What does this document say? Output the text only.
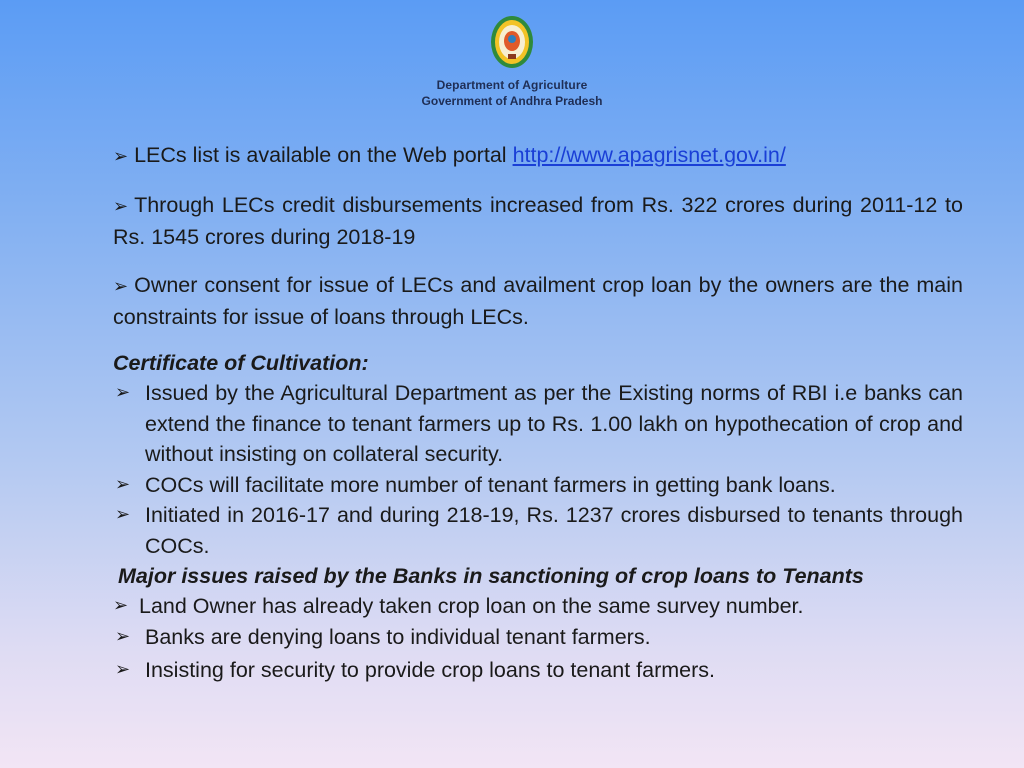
Department of Agriculture
Government of Andhra Pradesh

➢ LECs list is available on the Web portal http://www.apagrisnet.gov.in/

➢ Through LECs credit disbursements increased from Rs. 322 crores during 2011-12 to Rs. 1545 crores during 2018-19

➢ Owner consent for issue of LECs and availment crop loan by the owners are the main constraints for issue of loans through LECs.

Certificate of Cultivation:

➢ Issued by the Agricultural Department as per the Existing norms of RBI i.e banks can extend the finance to tenant farmers up to Rs. 1.00 lakh on hypothecation of crop and without insisting on collateral security.
➢ COCs will facilitate more number of tenant farmers in getting bank loans.
➢ Initiated in 2016-17 and during 218-19, Rs. 1237 crores disbursed to tenants through COCs.

Major issues raised by the Banks in sanctioning of crop loans to Tenants

➢ Land Owner has already taken crop loan on the same survey number.
➢ Banks are denying loans to individual tenant farmers.
➢ Insisting for security to provide crop loans to tenant farmers.
